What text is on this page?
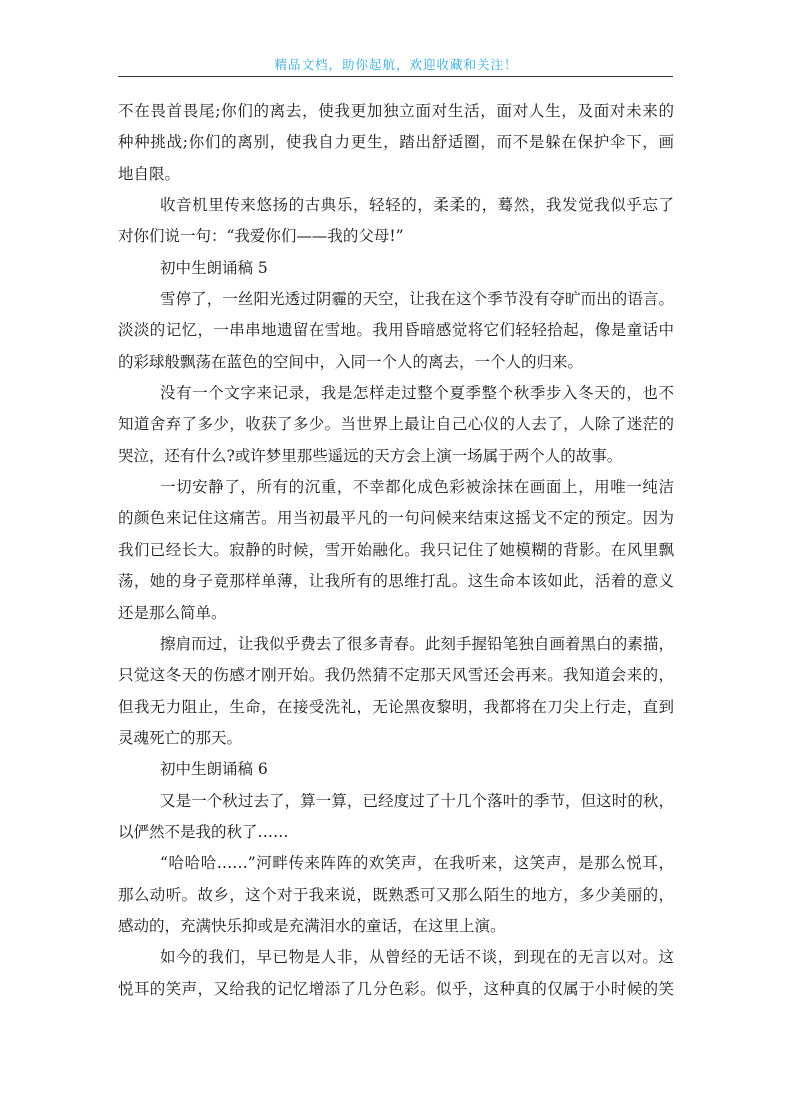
精品文档，助你起航，欢迎收藏和关注！
不在畏首畏尾;你们的离去，使我更加独立面对生活，面对人生，及面对未来的
种种挑战;你们的离别，使我自力更生，踏出舒适圈，而不是躲在保护伞下，画
地自限。
收音机里传来悠扬的古典乐，轻轻的，柔柔的，蓦然，我发觉我似乎忘了
对你们说一句：“我爱你们——我的父母!”
初中生朗诵稿 5
雪停了，一丝阳光透过阴霾的天空，让我在这个季节没有夺旷而出的语言。
淡淡的记忆，一串串地遗留在雪地。我用昏暗感觉将它们轻轻拾起，像是童话中
的彩球般飘荡在蓝色的空间中，入同一个人的离去，一个人的归来。
没有一个文字来记录，我是怎样走过整个夏季整个秋季步入冬天的，也不
知道舍弃了多少，收获了多少。当世界上最让自己心仪的人去了，人除了迷茫的
哭泣，还有什么?或许梦里那些遥远的天方会上演一场属于两个人的故事。
一切安静了，所有的沉重，不幸都化成色彩被涂抹在画面上，用唯一纯洁
的颜色来记住这痛苦。用当初最平凡的一句问候来结束这摇戈不定的预定。因为
我们已经长大。寂静的时候，雪开始融化。我只记住了她模糊的背影。在风里飘
荡，她的身子竟那样单薄，让我所有的思维打乱。这生命本该如此，活着的意义
还是那么简单。
擦肩而过，让我似乎费去了很多青春。此刻手握铅笔独自画着黑白的素描，
只觉这冬天的伤感才刚开始。我仍然猜不定那天风雪还会再来。我知道会来的，
但我无力阻止，生命，在接受洗礼，无论黑夜黎明，我都将在刀尖上行走，直到
灵魂死亡的那天。
初中生朗诵稿 6
又是一个秋过去了，算一算，已经度过了十几个落叶的季节，但这时的秋，
以俨然不是我的秋了……
“哈哈哈……”河畔传来阵阵的欢笑声，在我听来，这笑声，是那么悦耳，
那么动听。故乡，这个对于我来说，既熟悉可又那么陌生的地方，多少美丽的，
感动的，充满快乐抑或是充满泪水的童话，在这里上演。
如今的我们，早已物是人非，从曾经的无话不谈，到现在的无言以对。这
悦耳的笑声，又给我的记忆增添了几分色彩。似乎，这种真的仅属于小时候的笑
